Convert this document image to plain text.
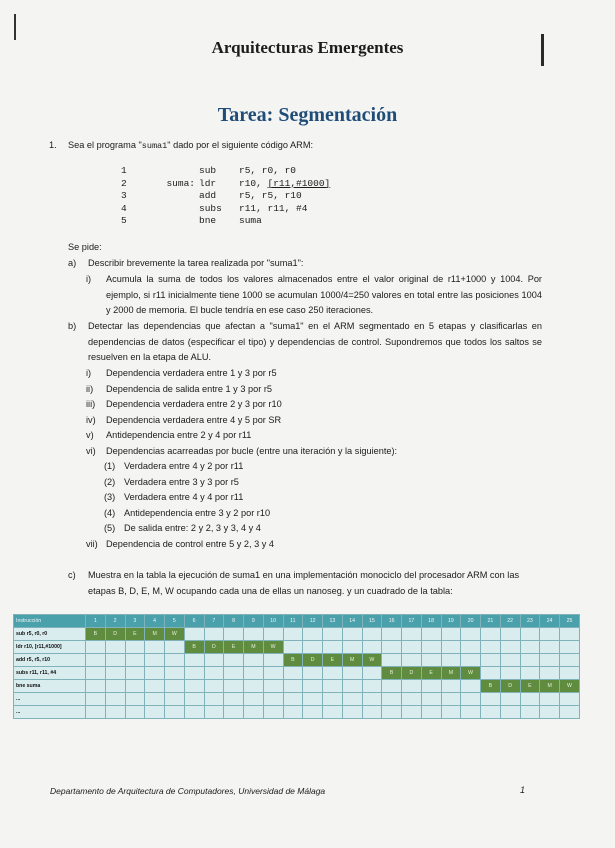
Arquitecturas Emergentes
Tarea: Segmentación
1. Sea el programa "suma1" dado por el siguiente código ARM:
1	sub	r5, r0, r0
2	suma: ldr	r10, [r11,#1000]
3	add	r5, r5, r10
4	subs	r11, r11, #4
5	bne	suma
Se pide:
a) Describir brevemente la tarea realizada por "suma1":
i)	Acumula la suma de todos los valores almacenados entre el valor original de r11+1000 y 1004. Por ejemplo, si r11 inicialmente tiene 1000 se acumulan 1000/4=250 valores en total entre las posiciones 1004 y 2000 de memoria. El bucle tendría en ese caso 250 iteraciones.
b)	Detectar las dependencias que afectan a "suma1" en el ARM segmentado en 5 etapas y clasificarlas en dependencias de datos (especificar el tipo) y dependencias de control. Supondremos que todos los saltos se resuelven en la etapa de ALU.
i) Dependencia verdadera entre 1 y 3 por r5
ii) Dependencia de salida entre 1 y 3 por r5
iii) Dependencia verdadera entre 2 y 3 por r10
iv) Dependencia verdadera entre 4 y 5 por SR
v) Antidependencia entre 2 y 4 por r11
vi) Dependencias acarreadas por bucle (entre una iteración y la siguiente):
(1) Verdadera entre 4 y 2 por r11
(2) Verdadera entre 3 y 3 por r5
(3) Verdadera entre 4 y 4 por r11
(4) Antidependencia entre 3 y 2 por r10
(5) De salida entre: 2 y 2, 3 y 3, 4 y 4
vii) Dependencia de control entre 5 y 2, 3 y 4
c)	Muestra en la tabla la ejecución de suma1 en una implementación monociclo del procesador ARM con las etapas B, D, E, M, W ocupando cada una de ellas un nanoseg. y un cuadrado de la tabla:
Instrucción	1	2	3	4	5	6	7	8	9	10	11	12	13	14	15	16	17	18	19	20	21	22	23	24	25
sub r5, r0, r0	B	D	E	M	W																				
ldr r10, [r11,#1000]						B	D	E	M	W															
add r5, r5, r10											B	D	E	M	W										
subs r11, r11, #4																B	D	E	M	W					
bne suma																					B	D	E	M	W
...																									
...																									
Departamento de Arquitectura de Computadores, Universidad de Málaga	1
